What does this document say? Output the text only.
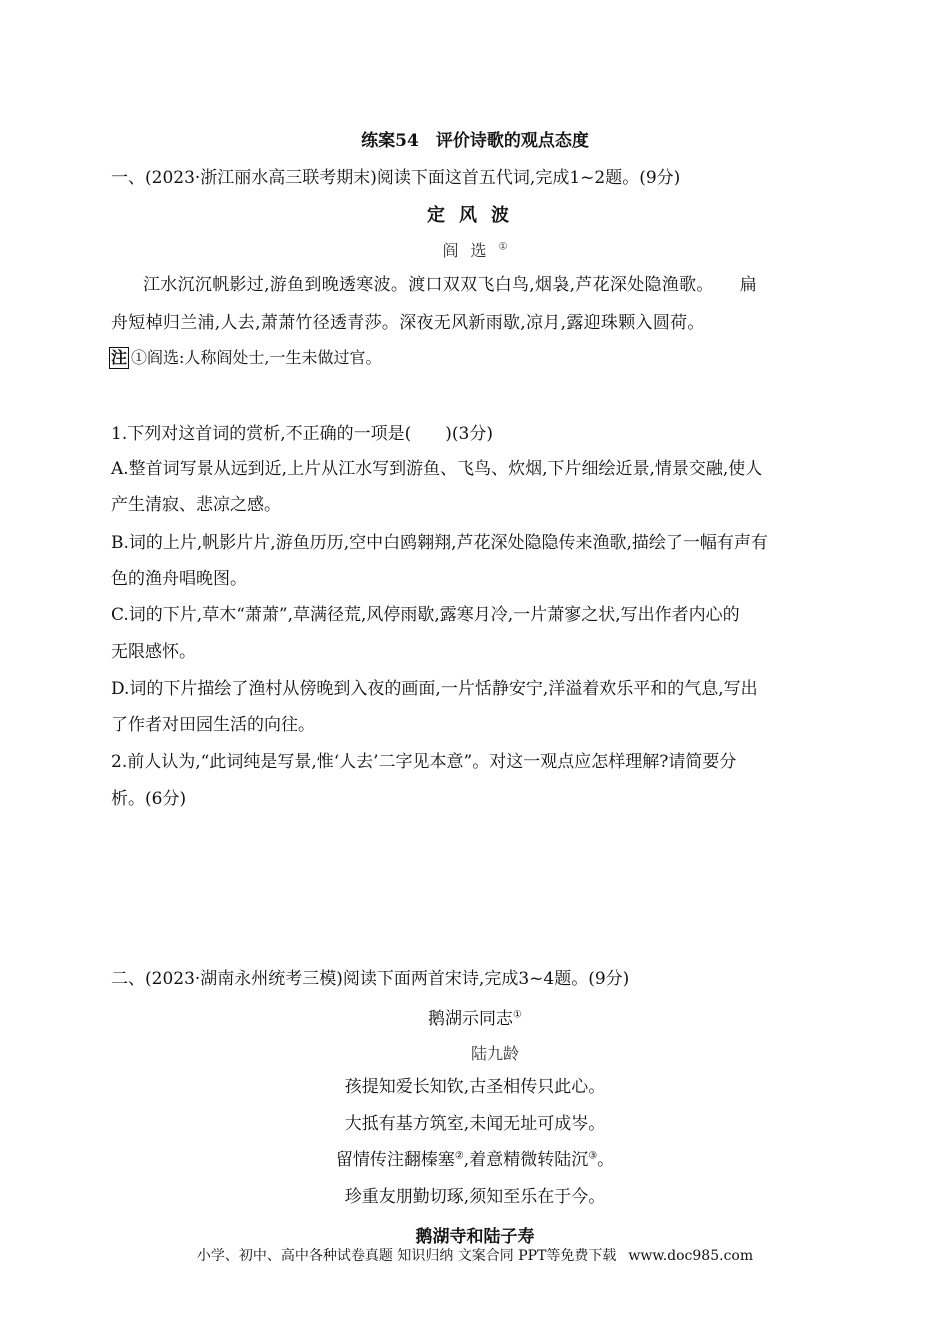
练案54　评价诗歌的观点态度
一、(2023·浙江丽水高三联考期末)阅读下面这首五代词,完成1~2题。(9分)
定风波
阎选①
江水沉沉帆影过,游鱼到晚透寒波。渡口双双飞白鸟,烟袅,芦花深处隐渔歌。　　扁
舟短棹归兰浦,人去,萧萧竹径透青莎。深夜无风新雨歇,凉月,露迎珠颗入圆荷。
注 ①阎选:人称阎处士,一生未做过官。
1.下列对这首词的赏析,不正确的一项是(　　)(3分)
A.整首词写景从远到近,上片从江水写到游鱼、飞鸟、炊烟,下片细绘近景,情景交融,使人
产生清寂、悲凉之感。
B.词的上片,帆影片片,游鱼历历,空中白鸥翱翔,芦花深处隐隐传来渔歌,描绘了一幅有声有
色的渔舟唱晚图。
C.词的下片,草木“萧萧”,草满径荒,风停雨歇,露寒月冷,一片萧寥之状,写出作者内心的
无限感怀。
D.词的下片描绘了渔村从傍晚到入夜的画面,一片恬静安宁,洋溢着欢乐平和的气息,写出
了作者对田园生活的向往。
2.前人认为,“此词纯是写景,惟‘人去’二字见本意”。对这一观点应怎样理解?请简要分
析。(6分)
二、(2023·湖南永州统考三模)阅读下面两首宋诗,完成3~4题。(9分)
鹅湖示同志①
陆九龄
孩提知爱长知钦,古圣相传只此心。
大抵有基方筑室,未闻无址可成岑。
留情传注翻榛塞②,着意精微转陆沉③。
珍重友朋勤切琢,须知至乐在于今。
鹅湖寺和陆子寿
小学、初中、高中各种试卷真题 知识归纳 文案合同 PPT等免费下载 www.doc985.com
